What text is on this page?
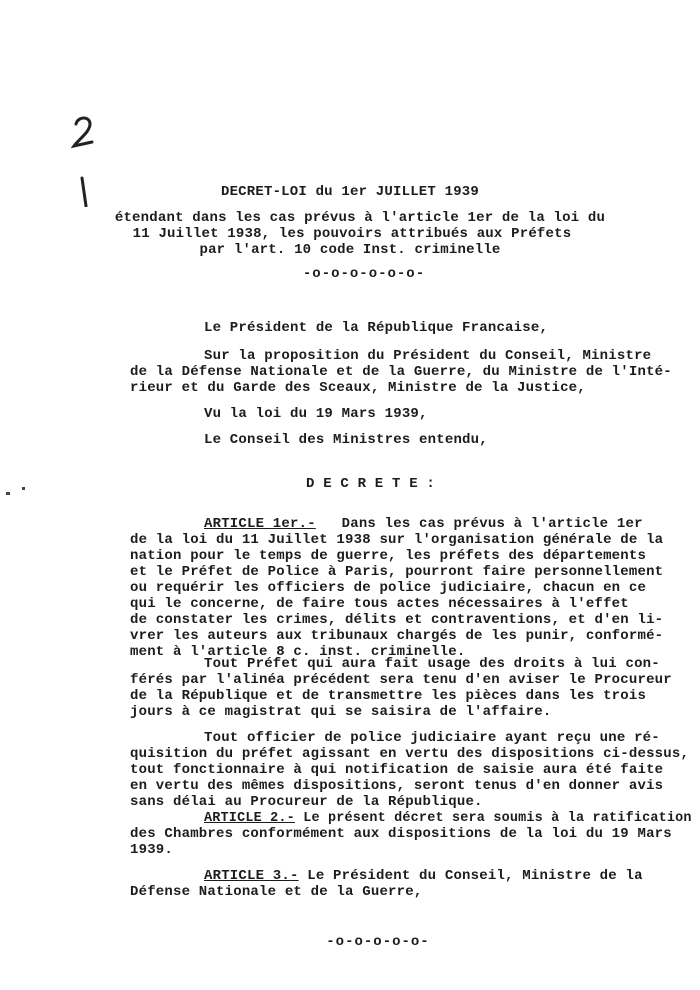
DECRET-LOI du 1er JUILLET 1939
étendant dans les cas prévus à l'article 1er de la loi du
11 Juillet 1938, les pouvoirs attribués aux Préfets
par l'art. 10 code Inst. criminelle
-o-o-o-o-o-o-
Le Président de la République Francaise,
Sur la proposition du Président du Conseil, Ministre
de la Défense Nationale et de la Guerre, du Ministre de l'Inté-
rieur et du Garde des Sceaux, Ministre de la Justice,
Vu la loi du 19 Mars 1939,
Le Conseil des Ministres entendu,
D E C R E T E :
ARTICLE 1er.-   Dans les cas prévus à l'article 1er
de la loi du 11 Juillet 1938 sur l'organisation générale de la
nation pour le temps de guerre, les préfets des départements
et le Préfet de Police à Paris, pourront faire personnellement
ou requérir les officiers de police judiciaire, chacun en ce
qui le concerne, de faire tous actes nécessaires à l'effet
de constater les crimes, délits et contraventions, et d'en li-
vrer les auteurs aux tribunaux chargés de les punir, conformé-
ment à l'article 8 c. inst. criminelle.
Tout Préfet qui aura fait usage des droits à lui con-
férés par l'alinéa précédent sera tenu d'en aviser le Procureur
de la République et de transmettre les pièces dans les trois
jours à ce magistrat qui se saisira de l'affaire.
Tout officier de police judiciaire ayant reçu une ré-
quisition du préfet agissant en vertu des dispositions ci-dessus,
tout fonctionnaire à qui notification de saisie aura été faite
en vertu des mêmes dispositions, seront tenus d'en donner avis
sans délai au Procureur de la République.
ARTICLE 2.- Le présent décret sera soumis à la ratification
des Chambres conformément aux dispositions de la loi du 19 Mars
1939.
ARTICLE 3.- Le Président du Conseil, Ministre de la
Défense Nationale et de la Guerre,
-o-o-o-o-o-
